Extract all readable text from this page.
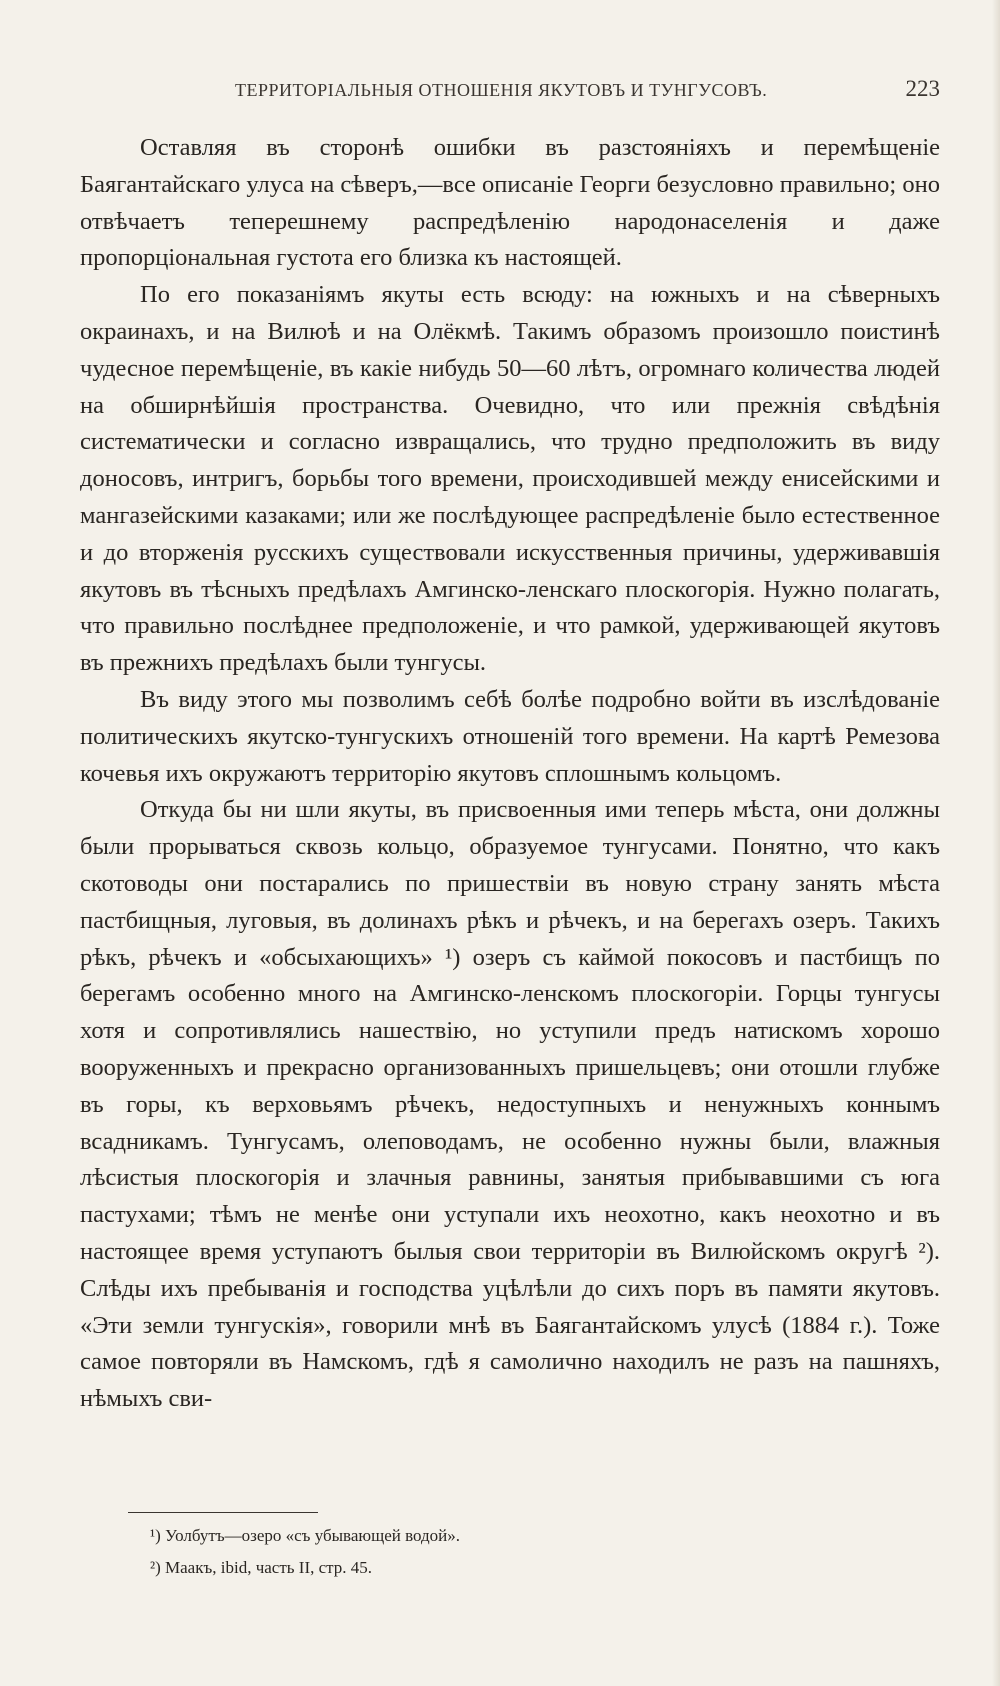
ТЕРРИТОРІАЛЬНЫЯ ОТНОШЕНІЯ ЯКУТОВЪ И ТУНГУСОВЪ.	223

Оставляя въ сторонѣ ошибки въ разстояніяхъ и перемѣщеніе Баягантайскаго улуса на сѣверъ,—все описаніе Георги безусловно правильно; оно отвѣчаетъ теперешнему распредѣленію народонаселенія и даже пропорціональная густота его близка къ настоящей.

По его показаніямъ якуты есть всюду: на южныхъ и на сѣверныхъ окраинахъ, и на Вилюѣ и на Олёкмѣ. Такимъ образомъ произошло поистинѣ чудесное перемѣщеніе, въ какіе нибудь 50—60 лѣтъ, огромнаго количества людей на обширнѣйшія пространства. Очевидно, что или прежнія свѣдѣнія систематически и согласно извращались, что трудно предположить въ виду доносовъ, интригъ, борьбы того времени, происходившей между енисейскими и мангазейскими казаками; или же послѣдующее распредѣленіе было естественное и до вторженія русскихъ существовали искусственныя причины, удерживавшія якутовъ въ тѣсныхъ предѣлахъ Амгинско-ленскаго плоскогорія. Нужно полагать, что правильно послѣднее предположеніе, и что рамкой, удерживающей якутовъ въ прежнихъ предѣлахъ были тунгусы.

Въ виду этого мы позволимъ себѣ болѣе подробно войти въ изслѣдованіе политическихъ якутско-тунгускихъ отношеній того времени. На картѣ Ремезова кочевья ихъ окружаютъ территорію якутовъ сплошнымъ кольцомъ.

Откуда бы ни шли якуты, въ присвоенныя ими теперь мѣста, они должны были прорываться сквозь кольцо, образуемое тунгусами. Понятно, что какъ скотоводы они постарались по пришествіи въ новую страну занять мѣста пастбищныя, луговыя, въ долинахъ рѣкъ и рѣчекъ, и на берегахъ озеръ. Такихъ рѣкъ, рѣчекъ и «обсыхающихъ» ¹) озеръ съ каймой покосовъ и пастбищъ по берегамъ особенно много на Амгинско-ленскомъ плоскогоріи. Горцы тунгусы хотя и сопротивлялись нашествію, но уступили предъ натискомъ хорошо вооруженныхъ и прекрасно организованныхъ пришельцевъ; они отошли глубже въ горы, къ верховьямъ рѣчекъ, недоступныхъ и ненужныхъ коннымъ всадникамъ. Тунгусамъ, олеповодамъ, не особенно нужны были, влажныя лѣсистыя плоскогорія и злачныя равнины, занятыя прибывавшими съ юга пастухами; тѣмъ не менѣе они уступали ихъ неохотно, какъ неохотно и въ настоящее время уступаютъ былыя свои территоріи въ Вилюйскомъ округѣ ²). Слѣды ихъ пребыванія и господства уцѣлѣли до сихъ поръ въ памяти якутовъ. «Эти земли тунгускія», говорили мнѣ въ Баягантайскомъ улусѣ (1884 г.). Тоже самое повторяли въ Намскомъ, гдѣ я самолично находилъ не разъ на пашняхъ, нѣмыхъ сви-

¹) Уолбутъ—озеро «съ убывающей водой».

²) Маакъ, ibid, часть II, стр. 45.
